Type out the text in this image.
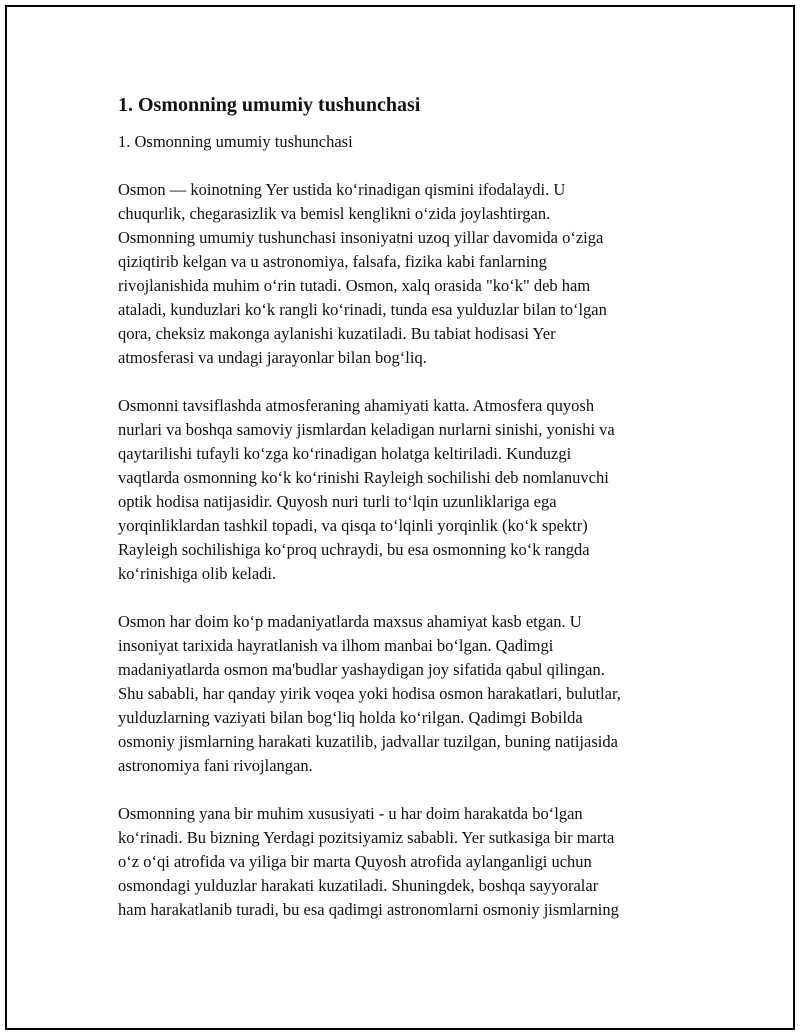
1. Osmonning umumiy tushunchasi

1. Osmonning umumiy tushunchasi

Osmon — koinotning Yer ustida koʻrinadigan qismini ifodalaydi. U
chuqurlik, chegarasizlik va bemisl kenglikni oʻzida joylashtirgan.
Osmonning umumiy tushunchasi insoniyatni uzoq yillar davomida oʻziga
qiziqtirib kelgan va u astronomiya, falsafa, fizika kabi fanlarning
rivojlanishida muhim oʻrin tutadi. Osmon, xalq orasida "koʻk" deb ham
ataladi, kunduzlari koʻk rangli koʻrinadi, tunda esa yulduzlar bilan toʻlgan
qora, cheksiz makonga aylanishi kuzatiladi. Bu tabiat hodisasi Yer
atmosferasi va undagi jarayonlar bilan bogʻliq.

Osmonni tavsiflashda atmosferaning ahamiyati katta. Atmosfera quyosh
nurlari va boshqa samoviy jismlardan keladigan nurlarni sinishi, yonishi va
qaytarilishi tufayli koʻzga koʻrinadigan holatga keltiriladi. Kunduzgi
vaqtlarda osmonning koʻk koʻrinishi Rayleigh sochilishi deb nomlanuvchi
optik hodisa natijasidir. Quyosh nuri turli toʻlqin uzunliklariga ega
yorqinliklardan tashkil topadi, va qisqa toʻlqinli yorqinlik (koʻk spektr)
Rayleigh sochilishiga koʻproq uchraydi, bu esa osmonning koʻk rangda
koʻrinishiga olib keladi.

Osmon har doim koʻp madaniyatlarda maxsus ahamiyat kasb etgan. U
insoniyat tarixida hayratlanish va ilhom manbai boʻlgan. Qadimgi
madaniyatlarda osmon ma'budlar yashaydigan joy sifatida qabul qilingan.
Shu sababli, har qanday yirik voqea yoki hodisa osmon harakatlari, bulutlar,
yulduzlarning vaziyati bilan bogʻliq holda koʻrilgan. Qadimgi Bobilda
osmoniy jismlarning harakati kuzatilib, jadvallar tuzilgan, buning natijasida
astronomiya fani rivojlangan.

Osmonning yana bir muhim xususiyati - u har doim harakatda boʻlgan
koʻrinadi. Bu bizning Yerdagi pozitsiyamiz sababli. Yer sutkasiga bir marta
oʻz oʻqi atrofida va yiliga bir marta Quyosh atrofida aylanganligi uchun
osmondagi yulduzlar harakati kuzatiladi. Shuningdek, boshqa sayyoralar
ham harakatlanib turadi, bu esa qadimgi astronomlarni osmoniy jismlarning
